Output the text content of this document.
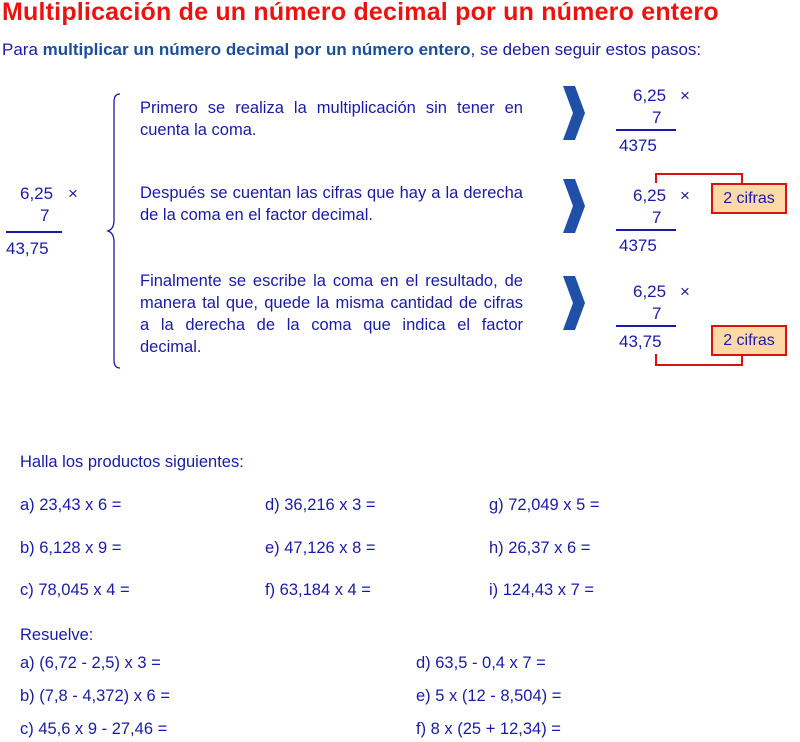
Multiplicación de un número decimal por un número entero
Para multiplicar un número decimal por un número entero, se deben seguir estos pasos:
6,25 ×
7
43,75
Primero se realiza la multiplicación sin tener en cuenta la coma.
Después se cuentan las cifras que hay a la derecha de la coma en el factor decimal.
Finalmente se escribe la coma en el resultado, de manera tal que, quede la misma cantidad de cifras a la derecha de la coma que indica el factor decimal.
6,25 ×
7
4375
6,25 ×
7
4375
2 cifras
6,25 ×
7
43,75	2 cifras
Halla los productos siguientes:
a) 23,43 x 6 =
b) 6,128 x 9 =
c) 78,045 x 4 =
d) 36,216 x 3 =
e) 47,126 x 8 =
f) 63,184 x 4 =
g) 72,049 x 5 =
h) 26,37 x 6 =
i) 124,43 x 7 =
Resuelve:
a) (6,72 - 2,5) x 3 =
b) (7,8 - 4,372) x 6 =
c) 45,6 x 9 - 27,46 =
d) 63,5 - 0,4 x 7 =
e) 5 x (12 - 8,504) =
f) 8 x (25 + 12,34) =
